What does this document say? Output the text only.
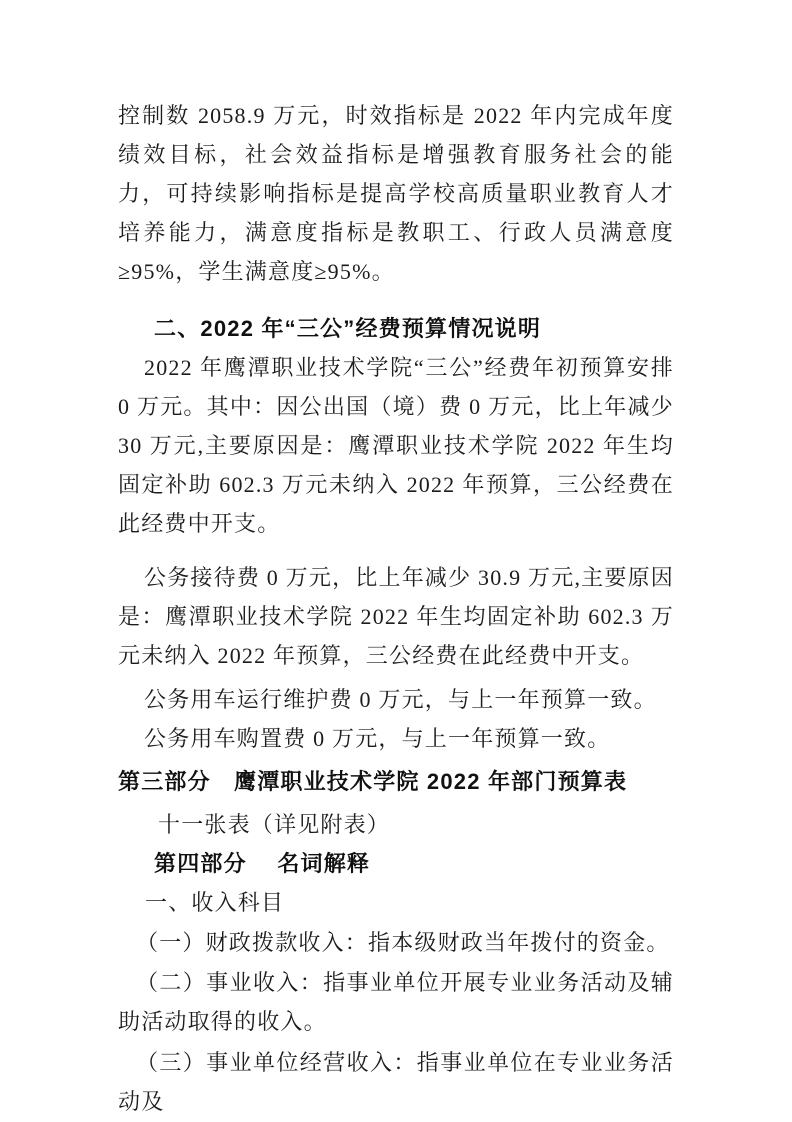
控制数 2058.9 万元，时效指标是 2022 年内完成年度绩效目标，社会效益指标是增强教育服务社会的能力，可持续影响指标是提高学校高质量职业教育人才培养能力，满意度指标是教职工、行政人员满意度≥95%，学生满意度≥95%。

二、2022 年“三公”经费预算情况说明

2022 年鹰潭职业技术学院“三公”经费年初预算安排 0 万元。其中：因公出国（境）费 0 万元，比上年减少 30 万元,主要原因是：鹰潭职业技术学院 2022 年生均固定补助 602.3 万元未纳入 2022 年预算，三公经费在此经费中开支。

公务接待费 0 万元，比上年减少 30.9 万元,主要原因是：鹰潭职业技术学院 2022 年生均固定补助 602.3 万元未纳入 2022 年预算，三公经费在此经费中开支。

公务用车运行维护费 0 万元，与上一年预算一致。

公务用车购置费 0 万元，与上一年预算一致。

第三部分　鹰潭职业技术学院 2022 年部门预算表

十一张表（详见附表）

第四部分　 名词解释

一、收入科目

（一）财政拨款收入：指本级财政当年拨付的资金。

（二）事业收入：指事业单位开展专业业务活动及辅助活动取得的收入。

（三）事业单位经营收入：指事业单位在专业业务活动及
